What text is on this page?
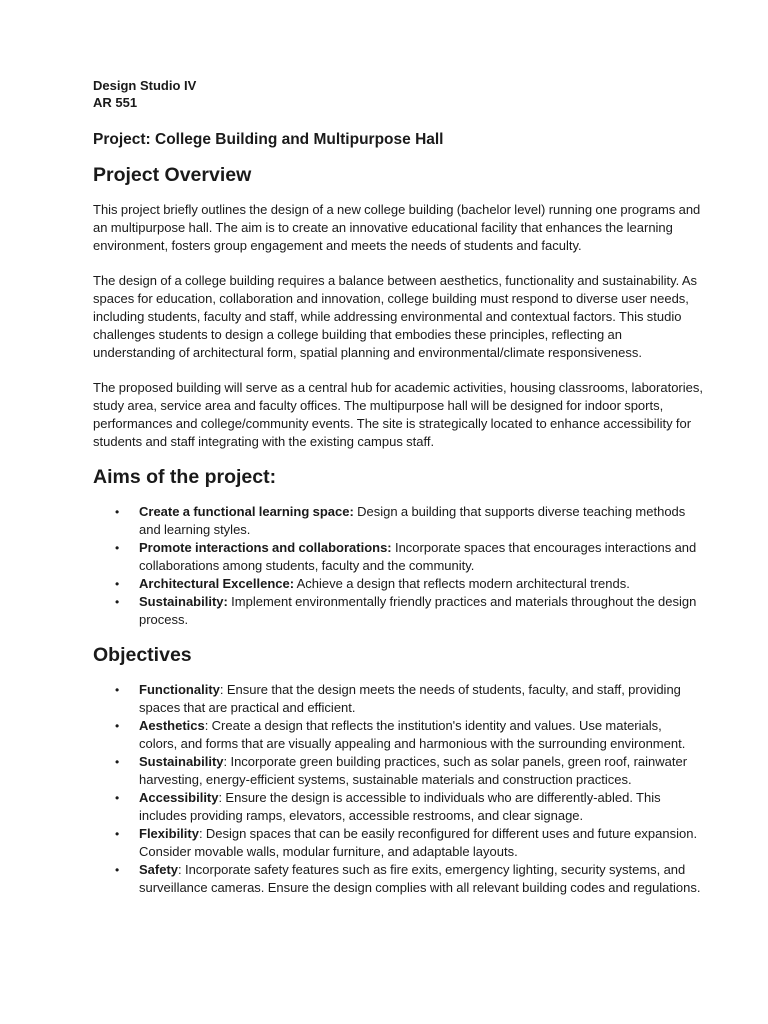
Design Studio IV

AR 551

Project: College Building and Multipurpose Hall
Project Overview

This project briefly outlines the design of a new college building (bachelor level) running one programs and an multipurpose hall. The aim is to create an innovative educational facility that enhances the learning environment, fosters group engagement and meets the needs of students and faculty.

The design of a college building requires a balance between aesthetics, functionality and sustainability. As spaces for education, collaboration and innovation, college building must respond to diverse user needs, including students, faculty and staff, while addressing environmental and contextual factors. This studio challenges students to design a college building that embodies these principles, reflecting an understanding of architectural form, spatial planning and environmental/climate responsiveness.

The proposed building will serve as a central hub for academic activities, housing classrooms, laboratories, study area, service area and faculty offices. The multipurpose hall will be designed for indoor sports, performances and college/community events. The site is strategically located to enhance accessibility for students and staff integrating with the existing campus staff.

Aims of the project:
• Create a functional learning space: Design a building that supports diverse teaching methods and learning styles.
• Promote interactions and collaborations: Incorporate spaces that encourages interactions and collaborations among students, faculty and the community.
• Architectural Excellence: Achieve a design that reflects modern architectural trends.
• Sustainability: Implement environmentally friendly practices and materials throughout the design process.
Objectives
• Functionality: Ensure that the design meets the needs of students, faculty, and staff, providing spaces that are practical and efficient.
• Aesthetics: Create a design that reflects the institution's identity and values. Use materials, colors, and forms that are visually appealing and harmonious with the surrounding environment.
• Sustainability: Incorporate green building practices, such as solar panels, green roof, rainwater harvesting, energy-efficient systems, sustainable materials and construction practices.
• Accessibility: Ensure the design is accessible to individuals who are differently-abled. This includes providing ramps, elevators, accessible restrooms, and clear signage.
• Flexibility: Design spaces that can be easily reconfigured for different uses and future expansion. Consider movable walls, modular furniture, and adaptable layouts.
• Safety: Incorporate safety features such as fire exits, emergency lighting, security systems, and surveillance cameras. Ensure the design complies with all relevant building codes and regulations.
